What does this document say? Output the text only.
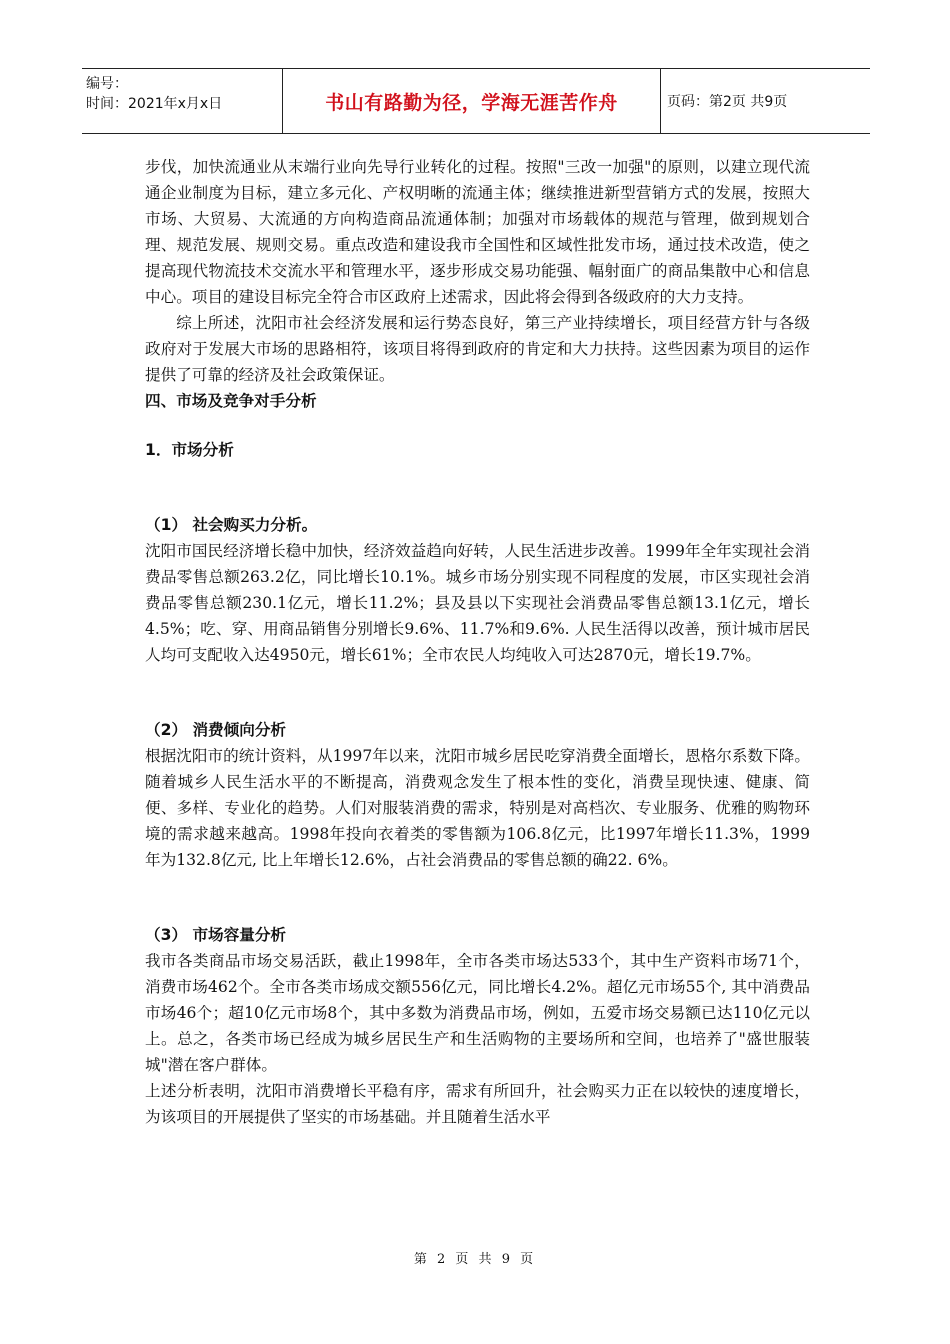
编号：
时间：2021年x月x日	书山有路勤为径，学海无涯苦作舟	页码：第2页 共9页

步伐，加快流通业从末端行业向先导行业转化的过程。按照"三改一加强"的原则，以建立现代流通企业制度为目标，建立多元化、产权明晰的流通主体；继续推进新型营销方式的发展，按照大市场、大贸易、大流通的方向构造商品流通体制；加强对市场载体的规范与管理，做到规划合理、规范发展、规则交易。重点改造和建设我市全国性和区域性批发市场，通过技术改造，使之提高现代物流技术交流水平和管理水平，逐步形成交易功能强、幅射面广的商品集散中心和信息中心。项目的建设目标完全符合市区政府上述需求，因此将会得到各级政府的大力支持。

综上所述，沈阳市社会经济发展和运行势态良好，第三产业持续增长，项目经营方针与各级政府对于发展大市场的思路相符，该项目将得到政府的肯定和大力扶持。这些因素为项目的运作提供了可靠的经济及社会政策保证。

四、市场及竞争对手分析
1．市场分析
（1） 社会购买力分析。

沈阳市国民经济增长稳中加快，经济效益趋向好转，人民生活进步改善。1999年全年实现社会消费品零售总额263.2亿，同比增长10.1%。城乡市场分别实现不同程度的发展，市区实现社会消费品零售总额230.1亿元，增长11.2%；县及县以下实现社会消费品零售总额13.1亿元，增长4.5%；吃、穿、用商品销售分别增长9.6%、11.7%和9.6%. 人民生活得以改善，预计城市居民人均可支配收入达4950元，增长61%；全市农民人均纯收入可达2870元，增长19.7%。

（2） 消费倾向分析

根据沈阳市的统计资料，从1997年以来，沈阳市城乡居民吃穿消费全面增长，恩格尔系数下降。随着城乡人民生活水平的不断提高，消费观念发生了根本性的变化，消费呈现快速、健康、简便、多样、专业化的趋势。人们对服装消费的需求，特别是对高档次、专业服务、优雅的购物环境的需求越来越高。1998年投向衣着类的零售额为106.8亿元，比1997年增长11.3%，1999年为132.8亿元, 比上年增长12.6%，占社会消费品的零售总额的确22. 6%。

（3） 市场容量分析

我市各类商品市场交易活跃，截止1998年，全市各类市场达533个，其中生产资料市场71个，消费市场462个。全市各类市场成交额556亿元，同比增长4.2%。超亿元市场55个, 其中消费品市场46个；超10亿元市场8个，其中多数为消费品市场，例如，五爱市场交易额已达110亿元以上。总之，各类市场已经成为城乡居民生产和生活购物的主要场所和空间，也培养了"盛世服装城"潜在客户群体。

上述分析表明，沈阳市消费增长平稳有序，需求有所回升，社会购买力正在以较快的速度增长，为该项目的开展提供了坚实的市场基础。并且随着生活水平

第 2 页 共 9 页
